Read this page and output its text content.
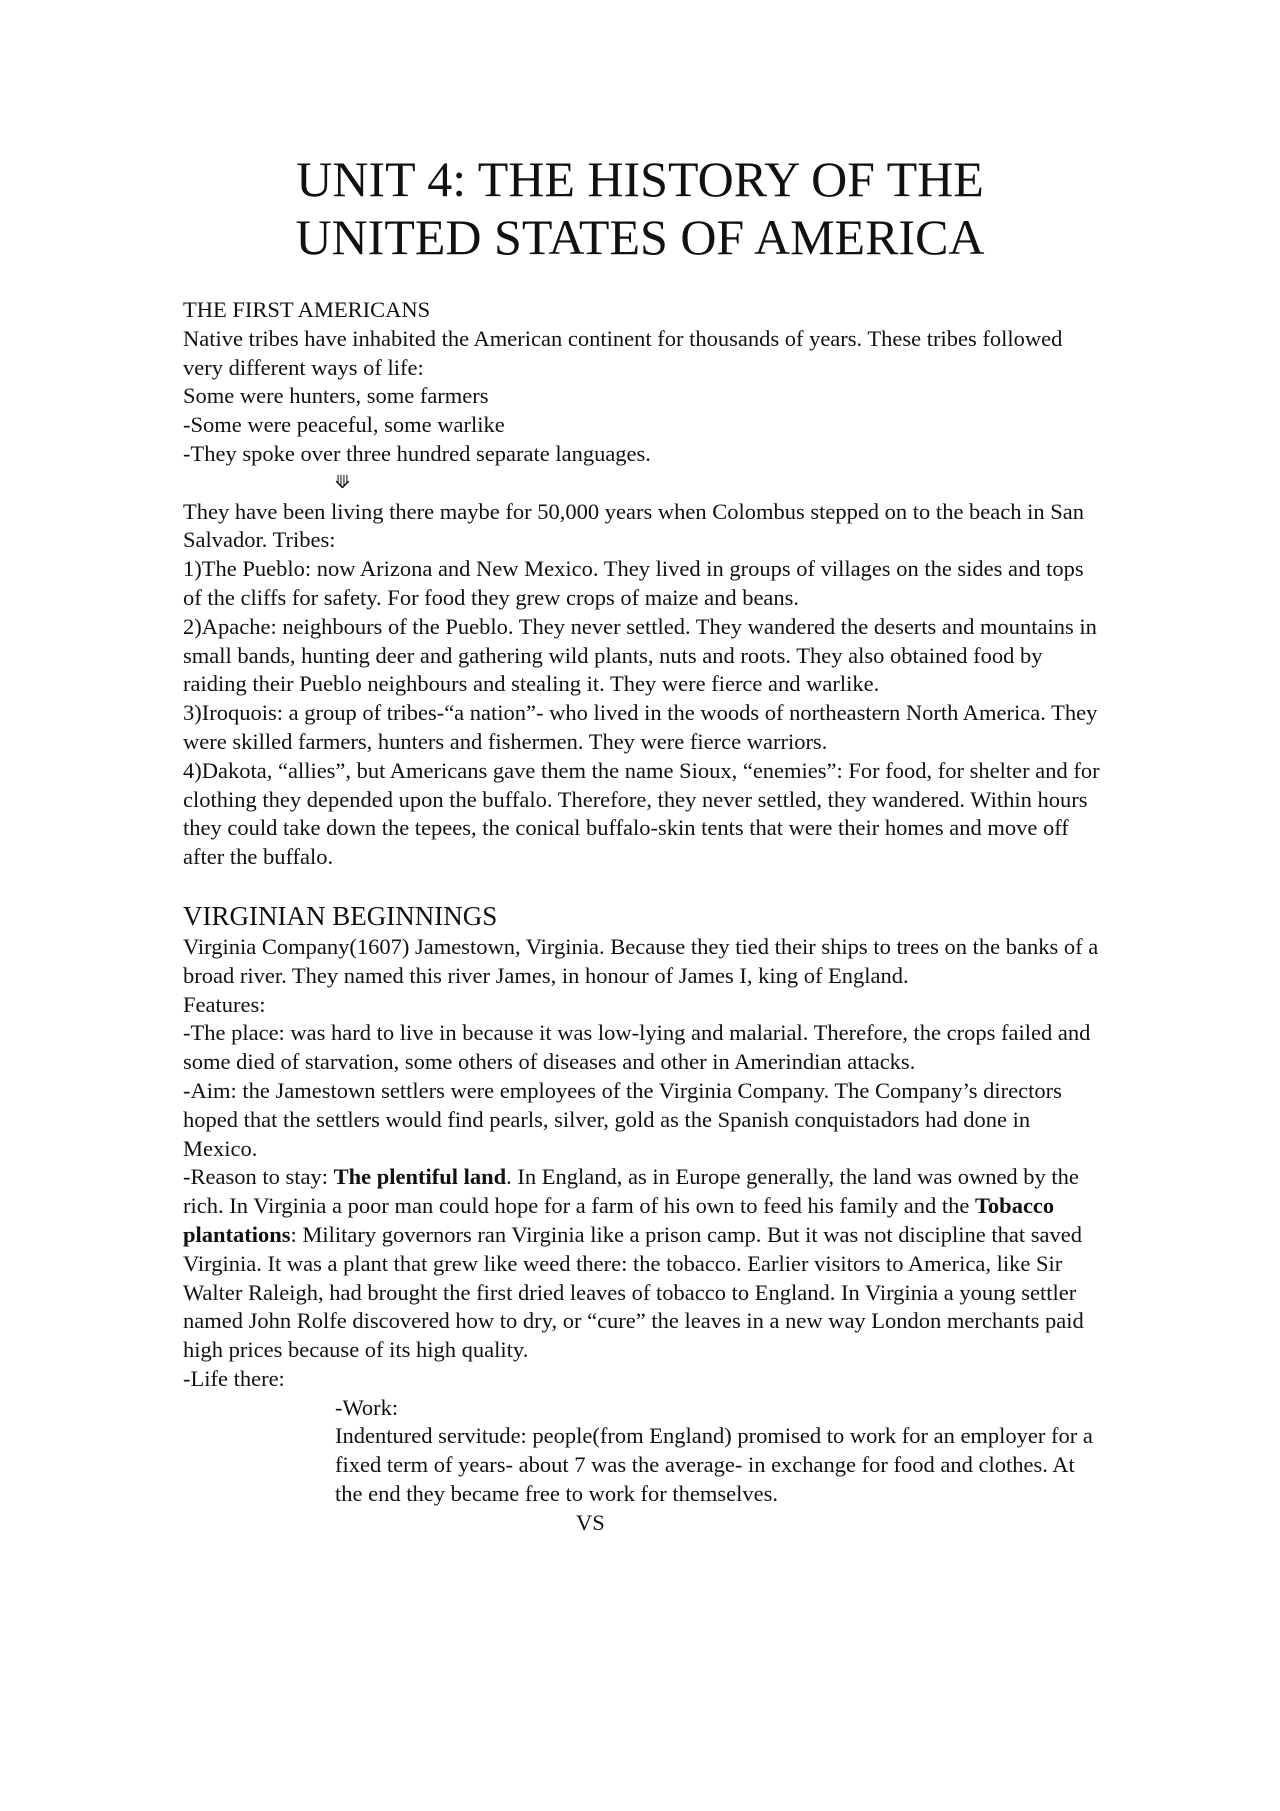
UNIT 4: THE HISTORY OF THE
UNITED STATES OF AMERICA

THE FIRST AMERICANS

Native tribes have inhabited the American continent for thousands of years. These tribes followed very different ways of life:

Some were hunters, some farmers

-Some were peaceful, some warlike

-They spoke over three hundred separate languages.

⟱

They have been living there maybe for 50,000 years when Colombus stepped on to the beach in San Salvador. Tribes:

1)The Pueblo: now Arizona and New Mexico. They lived in groups of villages on the sides and tops of the cliffs for safety. For food they grew crops of maize and beans.

2)Apache: neighbours of the Pueblo. They never settled. They wandered the deserts and mountains in small bands, hunting deer and gathering wild plants, nuts and roots. They also obtained food by raiding their Pueblo neighbours and stealing it. They were fierce and warlike.

3)Iroquois: a group of tribes-“a nation”- who lived in the woods of northeastern North America. They were skilled farmers, hunters and fishermen. They were fierce warriors.

4)Dakota, “allies”, but Americans gave them the name Sioux, “enemies”: For food, for shelter and for clothing they depended upon the buffalo. Therefore, they never settled, they wandered. Within hours they could take down the tepees, the conical buffalo-skin tents that were their homes and move off after the buffalo.

VIRGINIAN BEGINNINGS

Virginia Company(1607) Jamestown, Virginia. Because they tied their ships to trees on the banks of a broad river. They named this river James, in honour of James I, king of England.

Features:

-The place: was hard to live in because it was low-lying and malarial. Therefore, the crops failed and some died of starvation, some others of diseases and other in Amerindian attacks.

-Aim: the Jamestown settlers were employees of the Virginia Company. The Company’s directors hoped that the settlers would find pearls, silver, gold as the Spanish conquistadors had done in Mexico.

-Reason to stay: The plentiful land. In England, as in Europe generally, the land was owned by the rich. In Virginia a poor man could hope for a farm of his own to feed his family and the Tobacco plantations: Military governors ran Virginia like a prison camp. But it was not discipline that saved Virginia. It was a plant that grew like weed there: the tobacco. Earlier visitors to America, like Sir Walter Raleigh, had brought the first dried leaves of tobacco to England. In Virginia a young settler named John Rolfe discovered how to dry, or “cure” the leaves in a new way London merchants paid high prices because of its high quality.

-Life there:

-Work:

Indentured servitude: people(from England) promised to work for an employer for a fixed term of years- about 7 was the average- in exchange for food and clothes. At the end they became free to work for themselves.

VS
